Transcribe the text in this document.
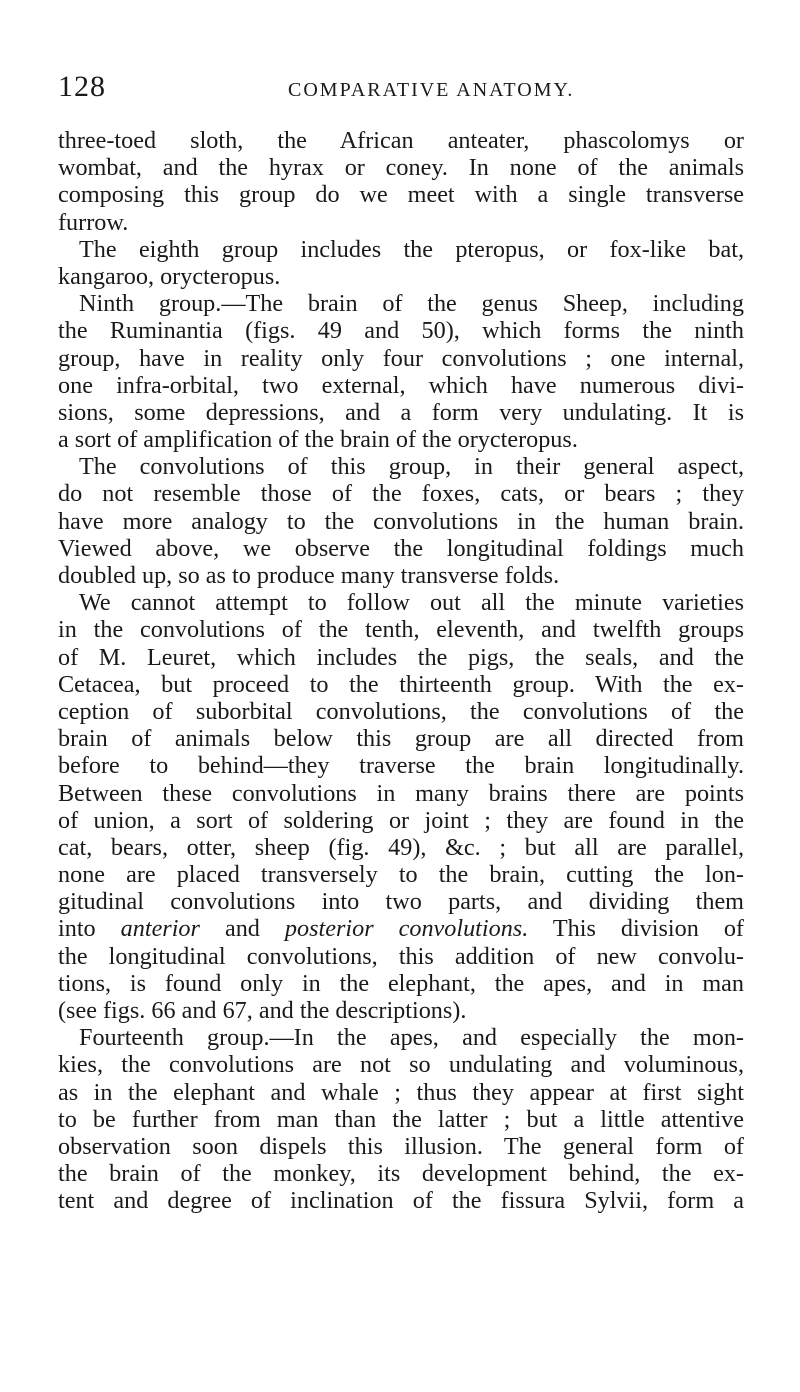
128	COMPARATIVE ANATOMY.
three-toed sloth, the African anteater, phascolomys or
wombat, and the hyrax or coney. In none of the animals
composing this group do we meet with a single transverse
furrow.
The eighth group includes the pteropus, or fox-like bat,
kangaroo, orycteropus.
Ninth group.—The brain of the genus Sheep, including
the Ruminantia (figs. 49 and 50), which forms the ninth
group, have in reality only four convolutions ; one internal,
one infra-orbital, two external, which have numerous divi-
sions, some depressions, and a form very undulating. It is
a sort of amplification of the brain of the orycteropus.
The convolutions of this group, in their general aspect,
do not resemble those of the foxes, cats, or bears ; they
have more analogy to the convolutions in the human brain.
Viewed above, we observe the longitudinal foldings much
doubled up, so as to produce many transverse folds.
We cannot attempt to follow out all the minute varieties
in the convolutions of the tenth, eleventh, and twelfth groups
of M. Leuret, which includes the pigs, the seals, and the
Cetacea, but proceed to the thirteenth group. With the ex-
ception of suborbital convolutions, the convolutions of the
brain of animals below this group are all directed from
before to behind—they traverse the brain longitudinally.
Between these convolutions in many brains there are points
of union, a sort of soldering or joint ; they are found in the
cat, bears, otter, sheep (fig. 49), &c. ; but all are parallel,
none are placed transversely to the brain, cutting the lon-
gitudinal convolutions into two parts, and dividing them
into anterior and posterior convolutions. This division of
the longitudinal convolutions, this addition of new convolu-
tions, is found only in the elephant, the apes, and in man
(see figs. 66 and 67, and the descriptions).
Fourteenth group.—In the apes, and especially the mon-
kies, the convolutions are not so undulating and voluminous,
as in the elephant and whale ; thus they appear at first sight
to be further from man than the latter ; but a little attentive
observation soon dispels this illusion. The general form of
the brain of the monkey, its development behind, the ex-
tent and degree of inclination of the fissura Sylvii, form a
